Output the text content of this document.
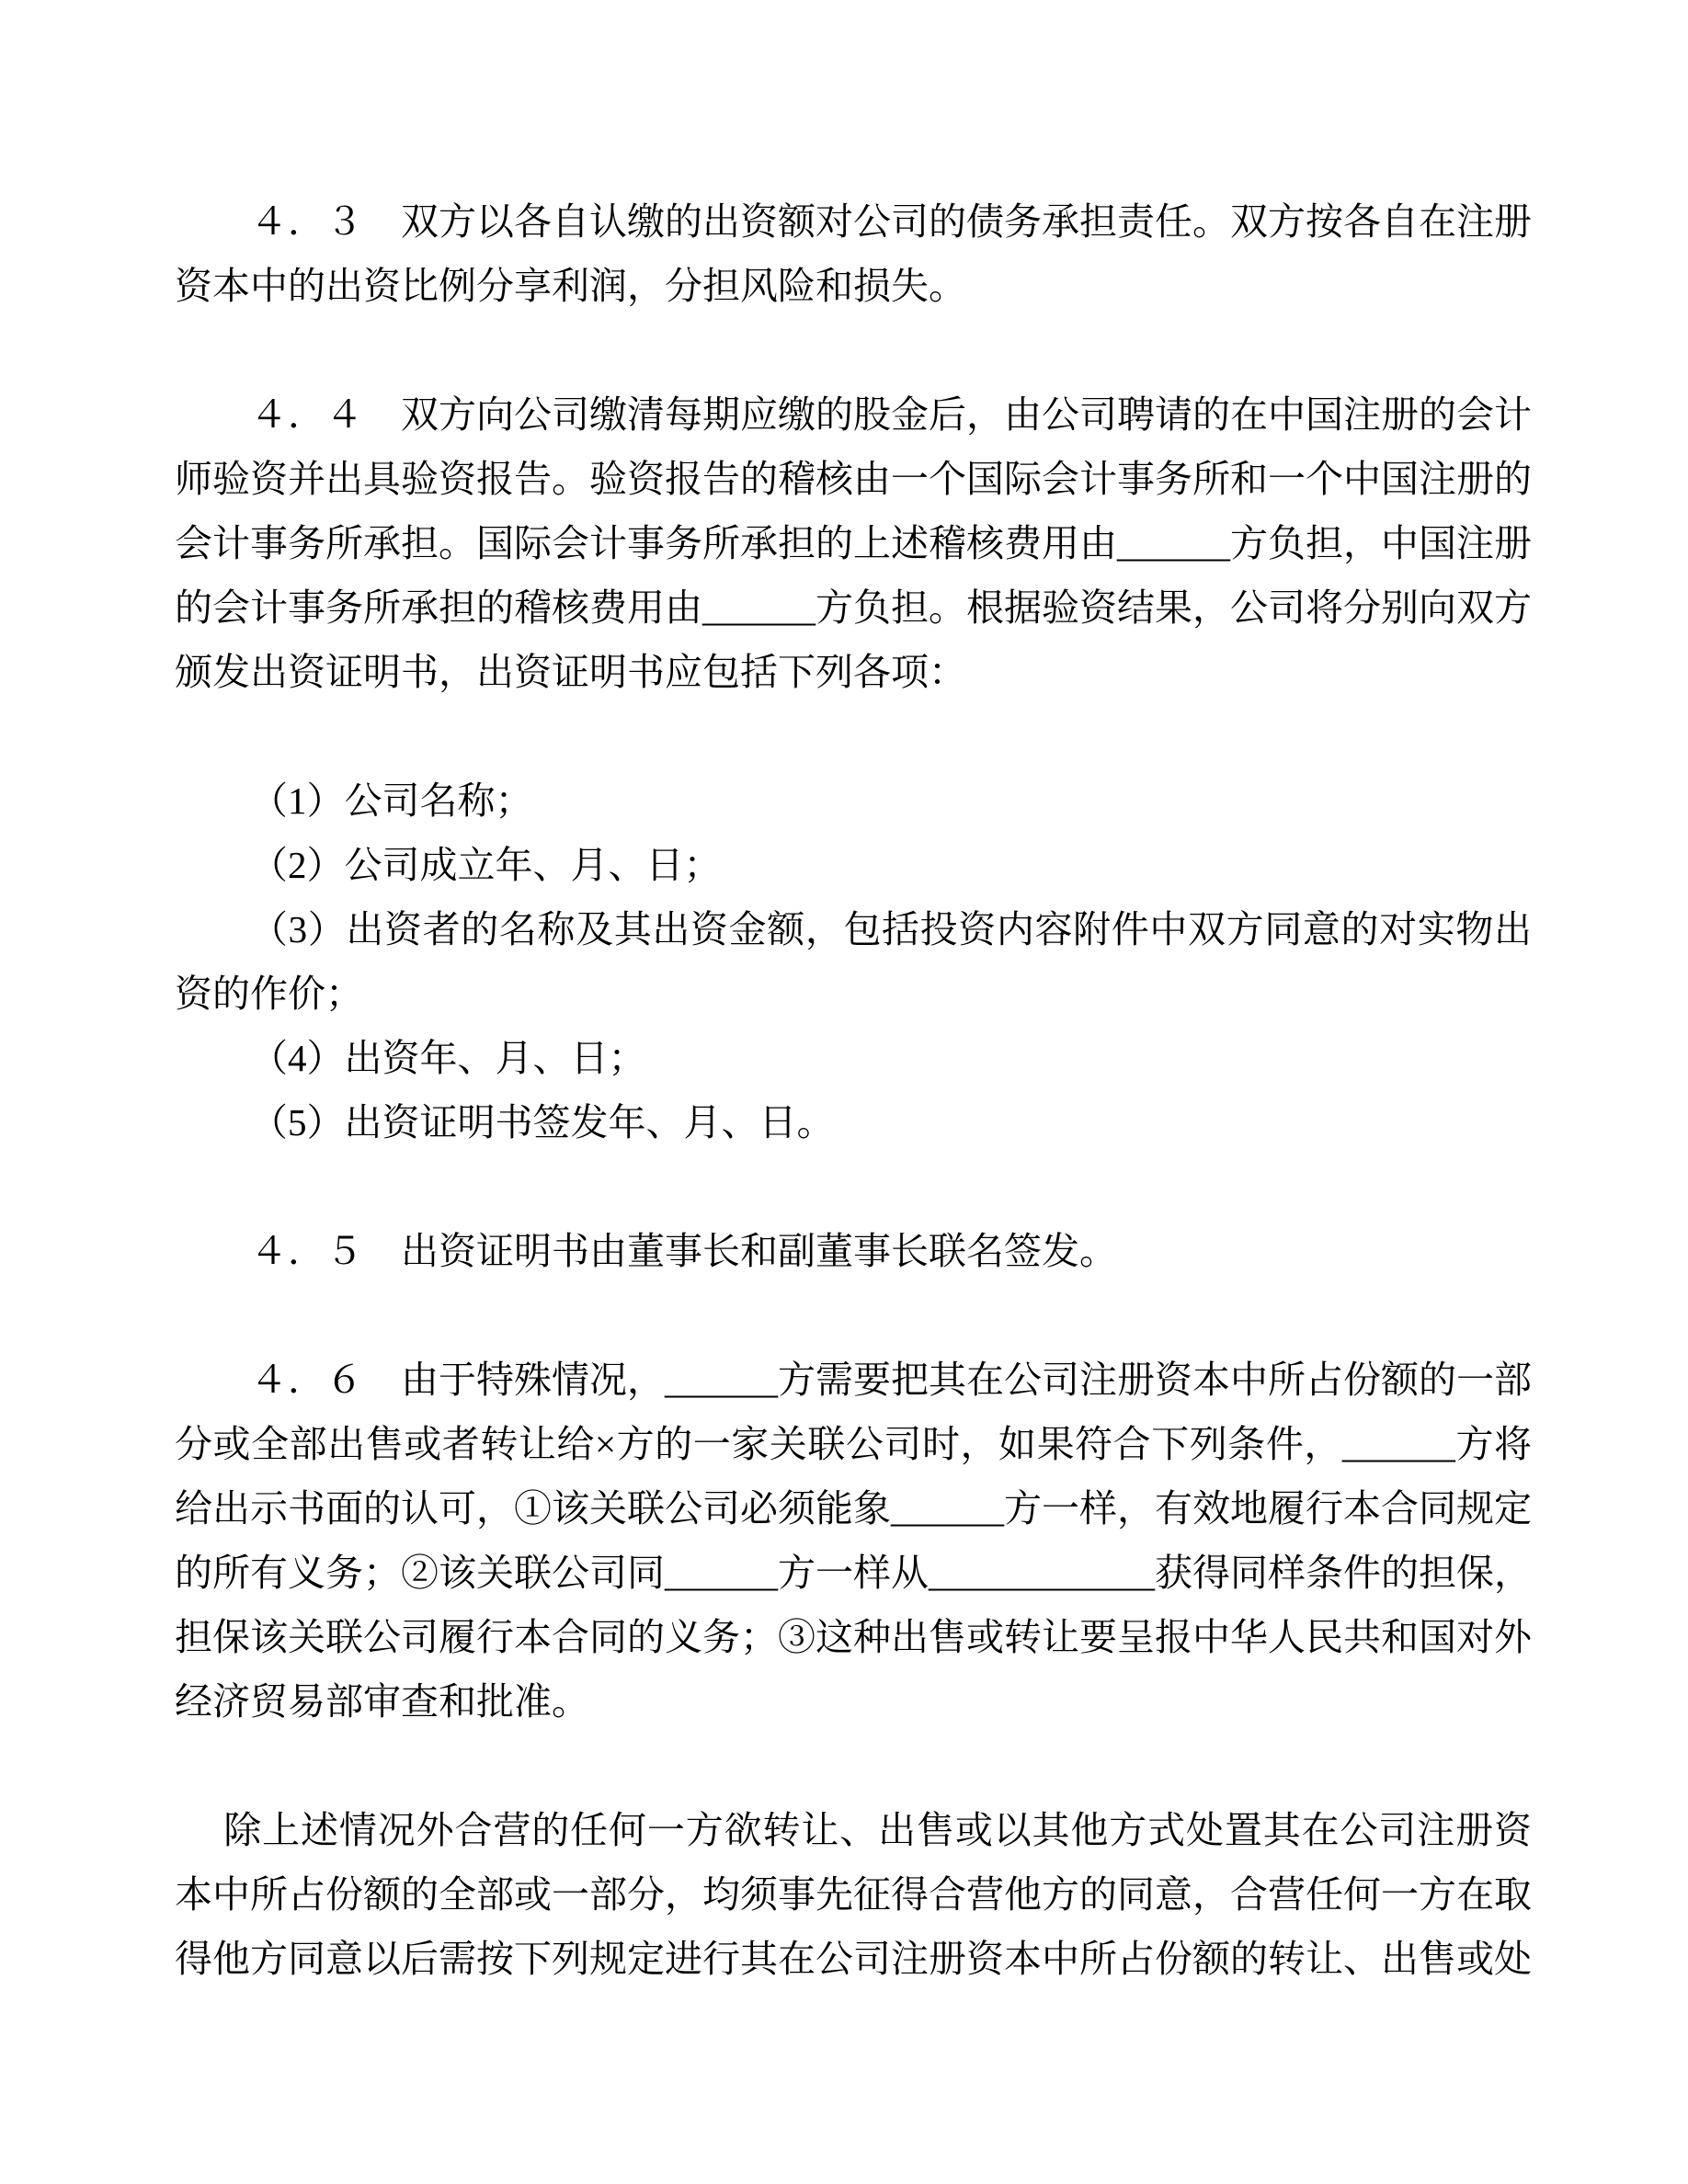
４．３　双方以各自认缴的出资额对公司的债务承担责任。双方按各自在注册资本中的出资比例分享利润，分担风险和损失。

４．４　双方向公司缴清每期应缴的股金后，由公司聘请的在中国注册的会计师验资并出具验资报告。验资报告的稽核由一个国际会计事务所和一个中国注册的会计事务所承担。国际会计事务所承担的上述稽核费用由______方负担，中国注册的会计事务所承担的稽核费用由______方负担。根据验资结果，公司将分别向双方颁发出资证明书，出资证明书应包括下列各项：

（1）公司名称；

（2）公司成立年、月、日；

（3）出资者的名称及其出资金额，包括投资内容附件中双方同意的对实物出资的作价；

（4）出资年、月、日；

（5）出资证明书签发年、月、日。

４．５　出资证明书由董事长和副董事长联名签发。

４．６　由于特殊情况，______方需要把其在公司注册资本中所占份额的一部分或全部出售或者转让给×方的一家关联公司时，如果符合下列条件，______方将给出示书面的认可，①该关联公司必须能象______方一样，有效地履行本合同规定的所有义务；②该关联公司同______方一样从____________获得同样条件的担保，担保该关联公司履行本合同的义务；③这种出售或转让要呈报中华人民共和国对外经济贸易部审查和批准。

除上述情况外合营的任何一方欲转让、出售或以其他方式处置其在公司注册资本中所占份额的全部或一部分，均须事先征得合营他方的同意，合营任何一方在取得他方同意以后需按下列规定进行其在公司注册资本中所占份额的转让、出售或处
